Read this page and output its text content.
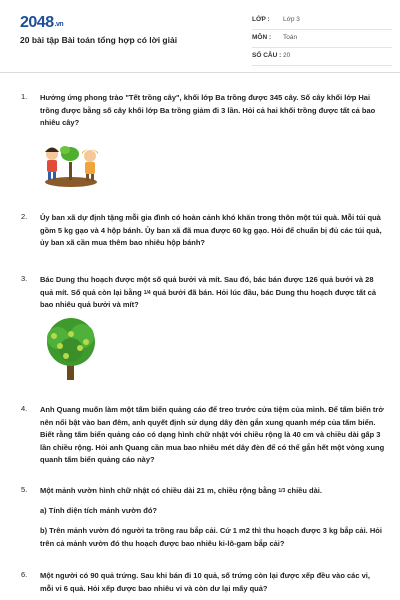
2048.vn
20 bài tập Bài toán tổng hợp có lời giải
LỚP : Lớp 3
MÔN : Toán
SỐ CÂU : 20
1. Hưởng ứng phong trào "Tết trồng cây", khối lớp Ba trồng được 345 cây. Số cây khối lớp Hai trồng được bằng số cây khối lớp Ba trồng giảm đi 3 lần. Hỏi cả hai khối trồng được tất cả bao nhiêu cây?
2. Ủy ban xã dự định tặng mỗi gia đình có hoàn cảnh khó khăn trong thôn một túi quà. Mỗi túi quà gồm 5 kg gạo và 4 hộp bánh. Ủy ban xã đã mua được 60 kg gạo. Hỏi để chuẩn bị đủ các túi quà, ủy ban xã cần mua thêm bao nhiêu hộp bánh?
3. Bác Dung thu hoạch được một số quả bưởi và mít. Sau đó, bác bán được 126 quả bưởi và 28 quả mít. Số quả còn lại bằng 1/4 quả bưởi đã bán. Hỏi lúc đầu, bác Dung thu hoạch được tất cả bao nhiêu quả bưởi và mít?
4. Anh Quang muốn làm một tấm biển quảng cáo để treo trước cửa tiệm của mình. Để tấm biển trở nên nổi bật vào ban đêm, anh quyết định sử dụng dây đèn gắn xung quanh mép của tấm biển. Biết rằng tấm biển quảng cáo có dạng hình chữ nhật với chiều rộng là 40 cm và chiều dài gấp 3 lần chiều rộng. Hỏi anh Quang cần mua bao nhiêu mét dây đèn để có thể gắn hết một vòng xung quanh tấm biển quảng cáo này?
5. Một mảnh vườn hình chữ nhật có chiều dài 21 m, chiều rộng bằng 1/3 chiều dài.
a) Tính diện tích mảnh vườn đó?
b) Trên mảnh vườn đó người ta trồng rau bắp cải. Cứ 1 m2 thì thu hoạch được 3 kg bắp cải. Hỏi trên cả mảnh vườn đó thu hoạch được bao nhiêu ki-lô-gam bắp cải?
6. Một người có 90 quả trứng. Sau khi bán đi 10 quả, số trứng còn lại được xếp đều vào các vỉ, mỗi vỉ 6 quả. Hỏi xếp được bao nhiêu vỉ và còn dư lại mấy quả?
